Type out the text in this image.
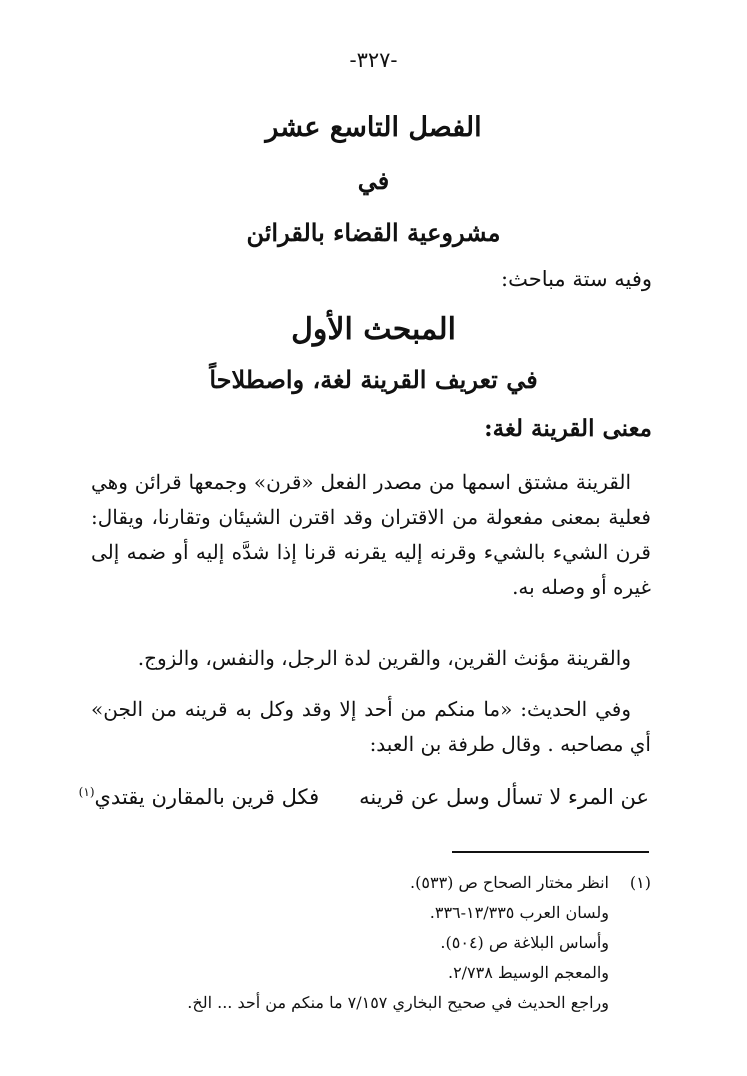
-٣٢٧-
الفصل التاسع عشر
في
مشروعية القضاء بالقرائن
وفيه ستة مباحث:
المبحث الأول
في تعريف القرينة لغة، واصطلاحاً
معنى القرينة لغة:
القرينة مشتق اسمها من مصدر الفعل «قرن» وجمعها قرائن وهي فعلية بمعنى مفعولة من الاقتران وقد اقترن الشيئان وتقارنا، ويقال: قرن الشيء بالشيء وقرنه إليه يقرنه قرنا إذا شدَّه إليه أو ضمه إلى غيره أو وصله به.
والقرينة مؤنث القرين، والقرين لدة الرجل، والنفس، والزوج.
وفي الحديث: «ما منكم من أحد إلا وقد وكل به قرينه من الجن» أي مصاحبه . وقال طرفة بن العبد:
عن المرء لا تسأل وسل عن قرينهفكل قرين بالمقارن يقتدي$^{(١)}$
(١)
انظر مختار الصحاح ص (٥٣٣).
ولسان العرب ١٣/٣٣٥-٣٣٦.
وأساس البلاغة ص (٥٠٤).
والمعجم الوسيط ٢/٧٣٨.
وراجع الحديث في صحيح البخاري ٧/١٥٧ ما منكم من أحد ... الخ.
